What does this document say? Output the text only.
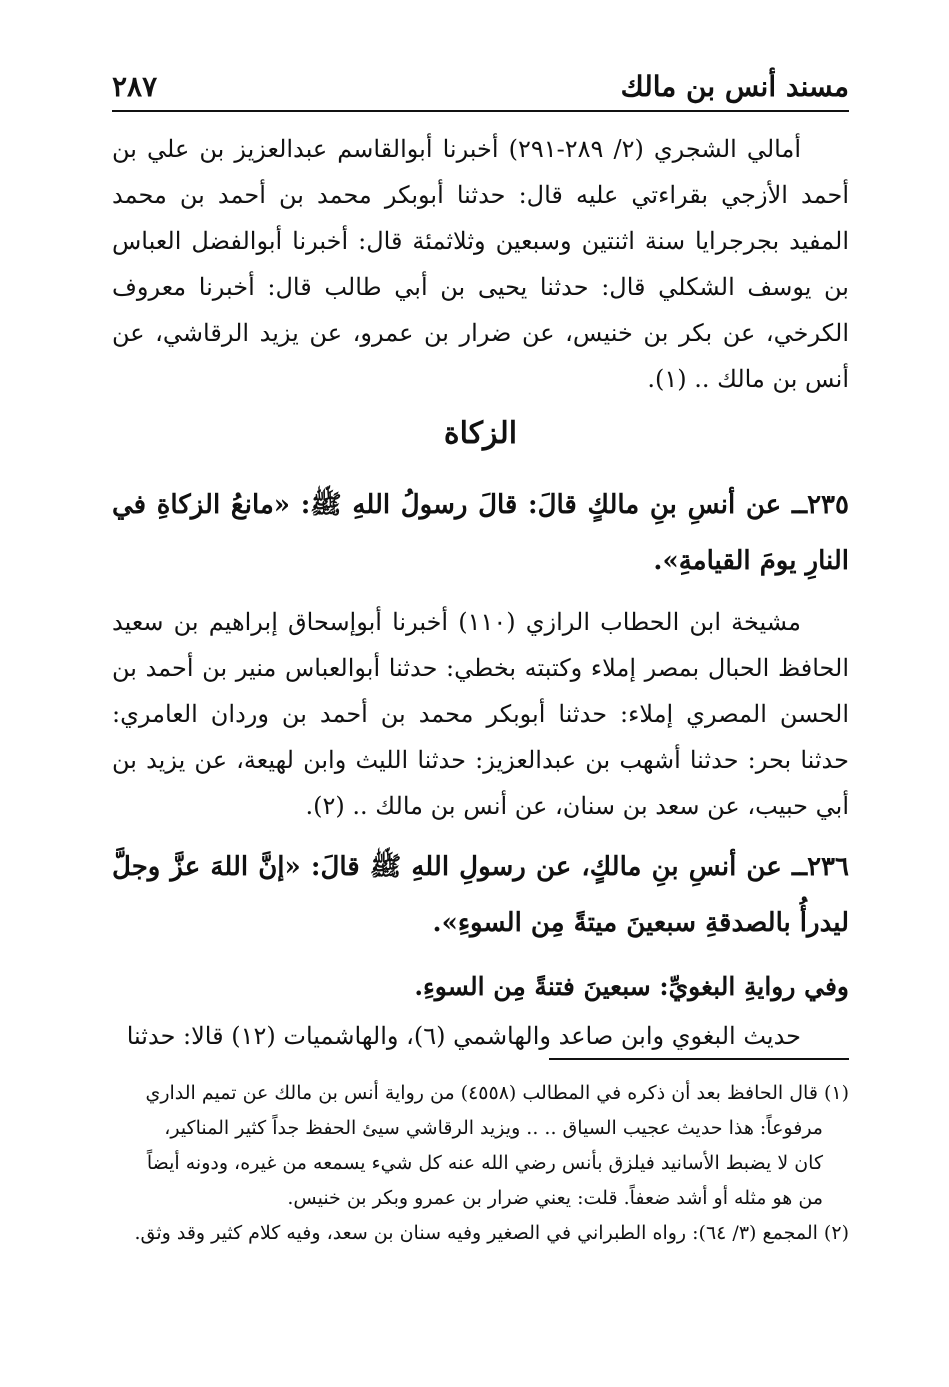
مسند أنس بن مالك
٢٨٧

أمالي الشجري (٢/ ٢٨٩-٢٩١) أخبرنا أبوالقاسم عبدالعزيز بن علي بن أحمد الأزجي بقراءتي عليه قال: حدثنا أبوبكر محمد بن أحمد بن محمد المفيد بجرجرايا سنة اثنتين وسبعين وثلاثمئة قال: أخبرنا أبوالفضل العباس بن يوسف الشكلي قال: حدثنا يحيى بن أبي طالب قال: أخبرنا معروف الكرخي، عن بكر بن خنيس، عن ضرار بن عمرو، عن يزيد الرقاشي، عن أنس بن مالك .. (١).

الزكاة

٢٣٥ــ عن أنسِ بنِ مالكٍ قالَ: قالَ رسولُ اللهِ ﷺ: «مانعُ الزكاةِ في النارِ يومَ القيامةِ».

مشيخة ابن الحطاب الرازي (١١٠) أخبرنا أبوإسحاق إبراهيم بن سعيد الحافظ الحبال بمصر إملاء وكتبته بخطي: حدثنا أبوالعباس منير بن أحمد بن الحسن المصري إملاء: حدثنا أبوبكر محمد بن أحمد بن وردان العامري: حدثنا بحر: حدثنا أشهب بن عبدالعزيز: حدثنا الليث وابن لهيعة، عن يزيد بن أبي حبيب، عن سعد بن سنان، عن أنس بن مالك .. (٢).

٢٣٦ــ عن أنسِ بنِ مالكٍ، عن رسولِ اللهِ ﷺ قالَ: «إنَّ اللهَ عزَّ وجلَّ ليدرأُ بالصدقةِ سبعينَ ميتةً مِن السوءِ».

وفي روايةِ البغويِّ: سبعينَ فتنةً مِن السوءِ.

حديث البغوي وابن صاعد والهاشمي (٦)، والهاشميات (١٢) قالا: حدثنا

(١) قال الحافظ بعد أن ذكره في المطالب (٤٥٥٨) من رواية أنس بن مالك عن تميم الداري

مرفوعاً: هذا حديث عجيب السياق .. .. ويزيد الرقاشي سيئ الحفظ جداً كثير المناكير،

كان لا يضبط الأسانيد فيلزق بأنس رضي الله عنه كل شيء يسمعه من غيره، ودونه أيضاً

من هو مثله أو أشد ضعفاً. قلت: يعني ضرار بن عمرو وبكر بن خنيس.

(٢) المجمع (٣/ ٦٤): رواه الطبراني في الصغير وفيه سنان بن سعد، وفيه كلام كثير وقد وثق.
